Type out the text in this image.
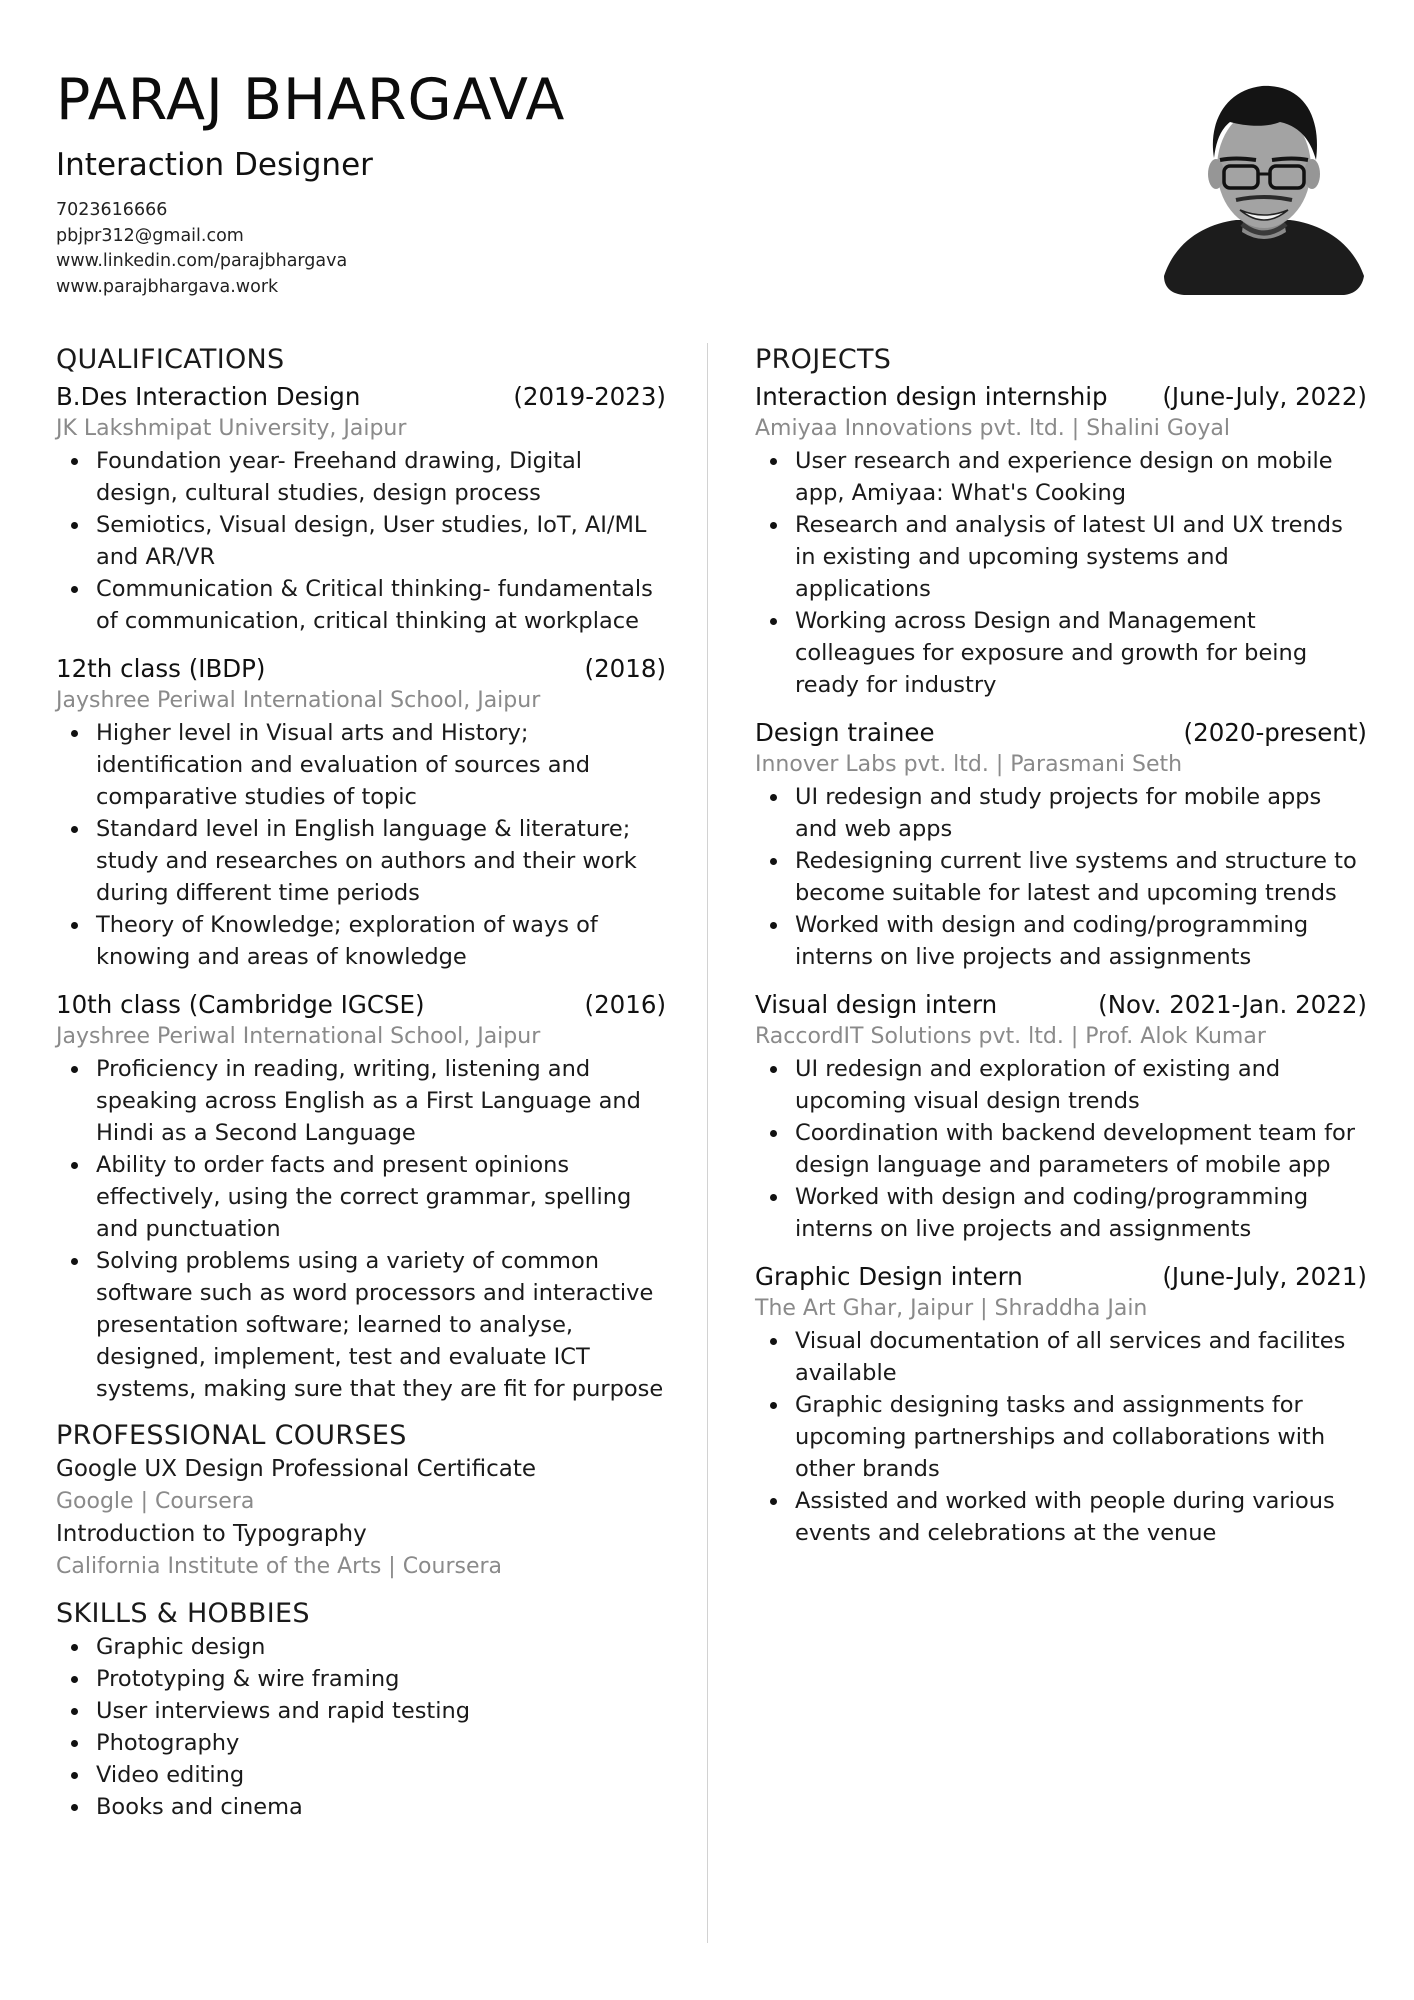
PARAJ BHARGAVA
Interaction Designer
7023616666
pbjpr312@gmail.com
www.linkedin.com/parajbhargava
www.parajbhargava.work
QUALIFICATIONS
B.Des Interaction Design	(2019-2023)
JK Lakshmipat University, Jaipur
Foundation year- Freehand drawing, Digital design, cultural studies, design process
Semiotics, Visual design, User studies, IoT, AI/ML and AR/VR
Communication & Critical thinking- fundamentals of communication, critical thinking at workplace
12th class (IBDP)	(2018)
Jayshree Periwal International School, Jaipur
Higher level in Visual arts and History; identification and evaluation of sources and comparative studies of topic
Standard level in English language & literature; study and researches on authors and their work during different time periods
Theory of Knowledge; exploration of ways of knowing and areas of knowledge
10th class (Cambridge IGCSE)	(2016)
Jayshree Periwal International School, Jaipur
Proficiency in reading, writing, listening and speaking across English as a First Language and Hindi as a Second Language
Ability to order facts and present opinions effectively, using the correct grammar, spelling and punctuation
Solving problems using a variety of common software such as word processors and interactive presentation software; learned to analyse, designed, implement, test and evaluate ICT systems, making sure that they are fit for purpose
PROFESSIONAL COURSES
Google UX Design Professional Certificate
Google | Coursera
Introduction to Typography
California Institute of the Arts | Coursera
SKILLS & HOBBIES
Graphic design
Prototyping & wire framing
User interviews and rapid testing
Photography
Video editing
Books and cinema
PROJECTS
Interaction design internship (June-July, 2022)
Amiyaa Innovations pvt. ltd. | Shalini Goyal
User research and experience design on mobile app, Amiyaa: What's Cooking
Research and analysis of latest UI and UX trends in existing and upcoming systems and applications
Working across Design and Management colleagues for exposure and growth for being ready for industry
Design trainee	(2020-present)
Innover Labs pvt. ltd. | Parasmani Seth
UI redesign and study projects for mobile apps and web apps
Redesigning current live systems and structure to become suitable for latest and upcoming trends
Worked with design and coding/programming interns on live projects and assignments
Visual design intern	(Nov. 2021-Jan. 2022)
RaccordIT Solutions pvt. ltd. | Prof. Alok Kumar
UI redesign and exploration of existing and upcoming visual design trends
Coordination with backend development team for design language and parameters of mobile app
Worked with design and coding/programming interns on live projects and assignments
Graphic Design intern	(June-July, 2021)
The Art Ghar, Jaipur | Shraddha Jain
Visual documentation of all services and facilites available
Graphic designing tasks and assignments for upcoming partnerships and collaborations with other brands
Assisted and worked with people during various events and celebrations at the venue
